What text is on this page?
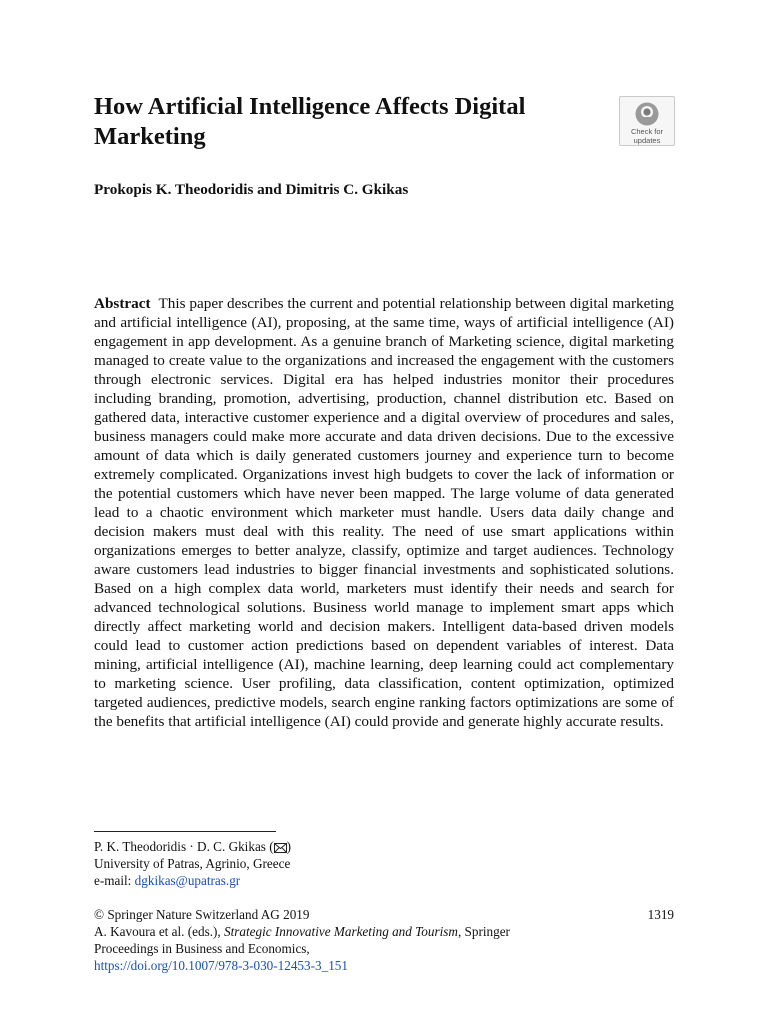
How Artificial Intelligence Affects Digital Marketing	Check for
updates
Prokopis K. Theodoridis and Dimitris C. Gkikas

Abstract This paper describes the current and potential relationship between digital marketing and artificial intelligence (AI), proposing, at the same time, ways of artificial intelligence (AI) engagement in app development. As a genuine branch of Marketing science, digital marketing managed to create value to the organizations and increased the engagement with the customers through electronic services. Digital era has helped industries monitor their procedures including branding, promotion, advertising, production, channel distribution etc. Based on gathered data, interactive customer experience and a digital overview of procedures and sales, business managers could make more accurate and data driven decisions. Due to the excessive amount of data which is daily generated customers journey and experience turn to become extremely complicated. Organizations invest high budgets to cover the lack of information or the potential customers which have never been mapped. The large volume of data generated lead to a chaotic environment which marketer must handle. Users data daily change and decision makers must deal with this reality. The need of use smart applications within organizations emerges to better analyze, classify, optimize and target audiences. Technology aware customers lead industries to bigger financial investments and sophisticated solutions. Based on a high complex data world, marketers must identify their needs and search for advanced technological solutions. Business world manage to implement smart apps which directly affect marketing world and decision makers. Intelligent data-based driven models could lead to customer action predictions based on dependent variables of interest. Data mining, artificial intelligence (AI), machine learning, deep learning could act complementary to marketing science. User profiling, data classification, content optimization, optimized targeted audiences, predictive models, search engine ranking factors optimizations are some of the benefits that artificial intelligence (AI) could provide and generate highly accurate results.

P. K. Theodoridis · D. C. Gkikas ( )
University of Patras, Agrinio, Greece
e-mail: dgkikas@upatras.gr
© Springer Nature Switzerland AG 2019	1319
A. Kavoura et al. (eds.), Strategic Innovative Marketing and Tourism, Springer
Proceedings in Business and Economics,
https://doi.org/10.1007/978-3-030-12453-3_151
